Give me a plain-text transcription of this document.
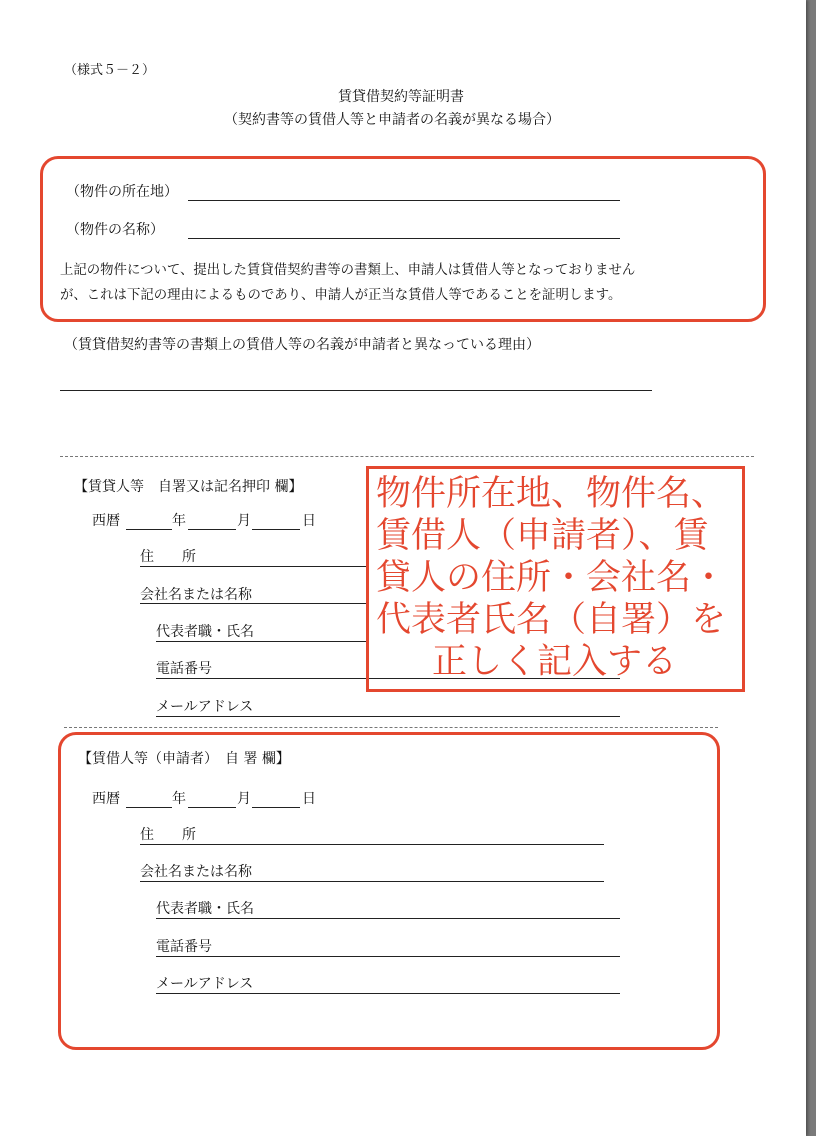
（様式５－２）
賃貸借契約等証明書
（契約書等の賃借人等と申請者の名義が異なる場合）
（物件の所在地）
（物件の名称）
上記の物件について、提出した賃貸借契約書等の書類上、申請人は賃借人等となっておりません
が、これは下記の理由によるものであり、申請人が正当な賃借人等であることを証明します。
（賃貸借契約書等の書類上の賃借人等の名義が申請者と異なっている理由）
【賃貸人等　自署又は記名押印 欄】
西暦	年	月	日
住　　所
会社名または名称
代表者職・氏名
電話番号
メールアドレス
物件所在地、物件名、
賃借人（申請者）、賃
貸人の住所・会社名・
代表者氏名（自署）を
正しく記入する
【賃借人等（申請者）　自 署 欄】
西暦	年	月	日
住　　所
会社名または名称
代表者職・氏名
電話番号
メールアドレス
